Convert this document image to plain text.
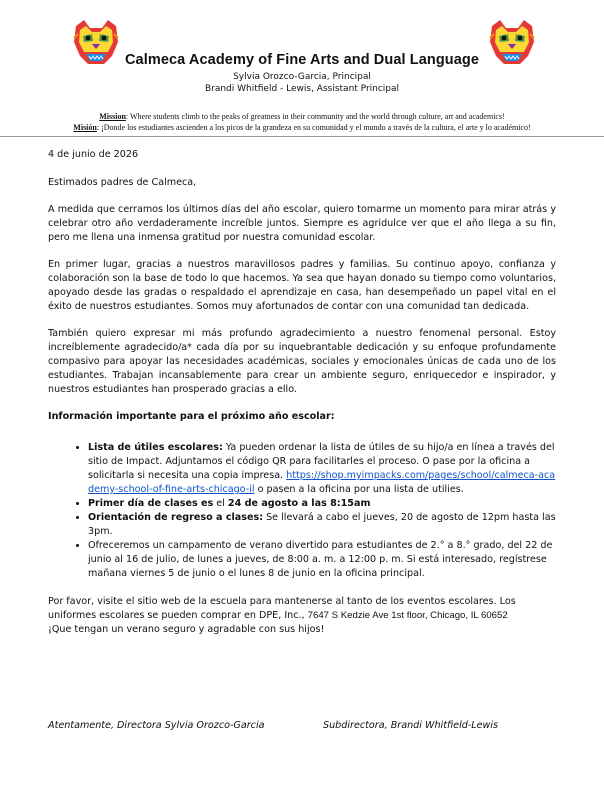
Calmeca Academy of Fine Arts and Dual Language
Sylvia Orozco-Garcia, Principal
Brandi Whitfield - Lewis, Assistant Principal
Mission: Where students climb to the peaks of greatness in their community and the world through culture, art and academics!
Misión: ¡Donde los estudiantes ascienden a los picos de la grandeza en su comunidad y el mundo a través de la cultura, el arte y lo académico!

4 de junio de 2026

Estimados padres de Calmeca,

A medida que cerramos los últimos días del año escolar, quiero tomarme un momento para mirar atrás y celebrar otro año verdaderamente increíble juntos. Siempre es agridulce ver que el año llega a su fin, pero me llena una inmensa gratitud por nuestra comunidad escolar.

En primer lugar, gracias a nuestros maravillosos padres y familias. Su continuo apoyo, confianza y colaboración son la base de todo lo que hacemos. Ya sea que hayan donado su tiempo como voluntarios, apoyado desde las gradas o respaldado el aprendizaje en casa, han desempeñado un papel vital en el éxito de nuestros estudiantes. Somos muy afortunados de contar con una comunidad tan dedicada.

También quiero expresar mi más profundo agradecimiento a nuestro fenomenal personal. Estoy increíblemente agradecido/a* cada día por su inquebrantable dedicación y su enfoque profundamente compasivo para apoyar las necesidades académicas, sociales y emocionales únicas de cada uno de los estudiantes. Trabajan incansablemente para crear un ambiente seguro, enriquecedor e inspirador, y nuestros estudiantes han prosperado gracias a ello.

Información importante para el próximo año escolar:

• Lista de útiles escolares: Ya pueden ordenar la lista de útiles de su hijo/a en línea a través del sitio de Impact. Adjuntamos el código QR para facilitarles el proceso. O pase por la oficina a solicitarla si necesita una copia impresa. https://shop.myimpacks.com/pages/school/calmeca-academy-school-of-fine-arts-chicago-il o pasen a la oficina por una lista de utilies.
• Primer día de clases es el 24 de agosto a las 8:15am
• Orientación de regreso a clases: Se llevará a cabo el jueves, 20 de agosto de 12pm hasta las 3pm.
• Ofreceremos un campamento de verano divertido para estudiantes de 2.° a 8.° grado, del 22 de junio al 16 de julio, de lunes a jueves, de 8:00 a. m. a 12:00 p. m. Si está interesado, regístrese mañana viernes 5 de junio o el lunes 8 de junio en la oficina principal.

Por favor, visite el sitio web de la escuela para mantenerse al tanto de los eventos escolares. Los uniformes escolares se pueden comprar en DPE, Inc., 7647 S Kedzie Ave 1st floor, Chicago, IL 60652

¡Que tengan un verano seguro y agradable con sus hijos!

Atentamente, Directora Sylvia Orozco-Garcia	Subdirectora, Brandi Whitfield-Lewis
